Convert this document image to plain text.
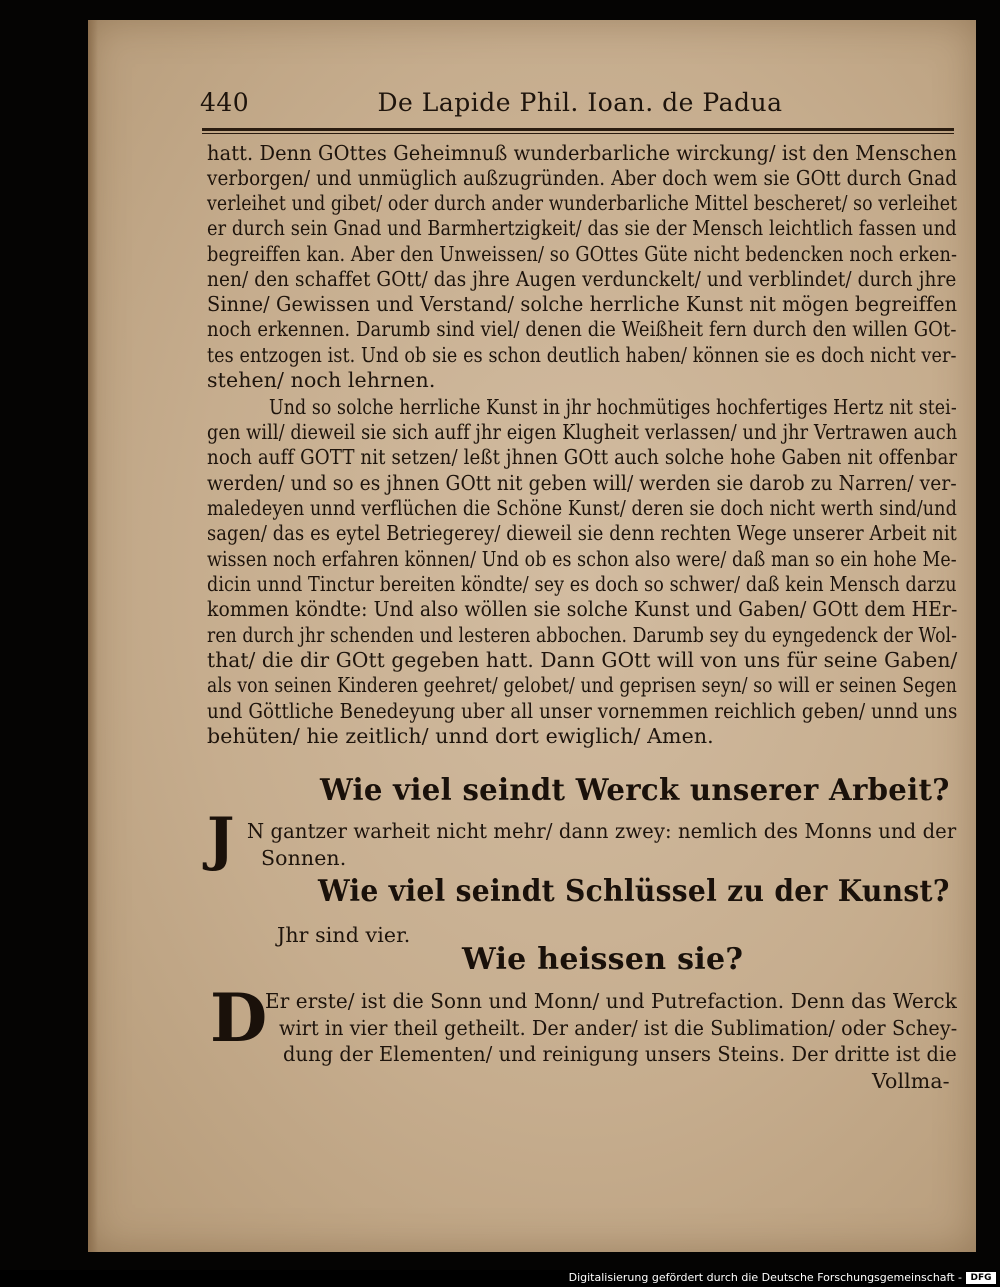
440	De Lapide Phil. Ioan. de Padua
hatt. Denn GOttes Geheimnuß wunderbarliche wirckung/ ist den Menschen
verborgen/ und unmüglich außzugründen. Aber doch wem sie GOtt durch Gnad
verleihet und gibet/ oder durch ander wunderbarliche Mittel bescheret/ so verleihet
er durch sein Gnad und Barmhertzigkeit/ das sie der Mensch leichtlich fassen und
begreiffen kan. Aber den Unweissen/ so GOttes Güte nicht bedencken noch erken-
nen/ den schaffet GOtt/ das jhre Augen verdunckelt/ und verblindet/ durch jhre
Sinne/ Gewissen und Verstand/ solche herrliche Kunst nit mögen begreiffen
noch erkennen. Darumb sind viel/ denen die Weißheit fern durch den willen GOt-
tes entzogen ist. Und ob sie es schon deutlich haben/ können sie es doch nicht ver-
stehen/ noch lehrnen.
Und so solche herrliche Kunst in jhr hochmütiges hochfertiges Hertz nit stei-
gen will/ dieweil sie sich auff jhr eigen Klugheit verlassen/ und jhr Vertrawen auch
noch auff GOTT nit setzen/ leßt jhnen GOtt auch solche hohe Gaben nit offenbar
werden/ und so es jhnen GOtt nit geben will/ werden sie darob zu Narren/ ver-
maledeyen unnd verflüchen die Schöne Kunst/ deren sie doch nicht werth sind/und
sagen/ das es eytel Betriegerey/ dieweil sie denn rechten Wege unserer Arbeit nit
wissen noch erfahren können/ Und ob es schon also were/ daß man so ein hohe Me-
dicin unnd Tinctur bereiten köndte/ sey es doch so schwer/ daß kein Mensch darzu
kommen köndte: Und also wöllen sie solche Kunst und Gaben/ GOtt dem HEr-
ren durch jhr schenden und lesteren abbochen. Darumb sey du eyngedenck der Wol-
that/ die dir GOtt gegeben hatt. Dann GOtt will von uns für seine Gaben/
als von seinen Kinderen geehret/ gelobet/ und geprisen seyn/ so will er seinen Segen
und Göttliche Benedeyung uber all unser vornemmen reichlich geben/ unnd uns
behüten/ hie zeitlich/ unnd dort ewiglich/ Amen.
Wie viel seindt Werck unserer Arbeit?
J N gantzer warheit nicht mehr/ dann zwey: nemlich des Monns und der
Sonnen.
Wie viel seindt Schlüssel zu der Kunst?
Jhr sind vier.
Wie heissen sie?
D
Er erste/ ist die Sonn und Monn/ und Putrefaction. Denn das Werck
wirt in vier theil getheilt. Der ander/ ist die Sublimation/ oder Schey-
dung der Elementen/ und reinigung unsers Steins. Der dritte ist die
Vollma-
Digitalisierung gefördert durch die Deutsche Forschungsgemeinschaft - DFG
